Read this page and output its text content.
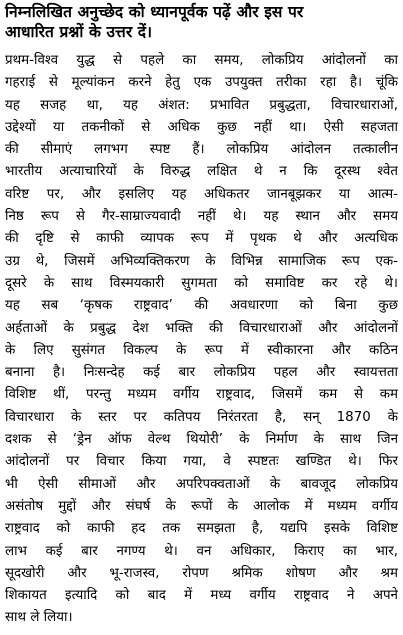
निम्नलिखित अनुच्छेद को ध्यानपूर्वक पढ़ें और इस पर
आधारित प्रश्नों के उत्तर दें।
प्रथम-विश्व युद्ध से पहले का समय, लोकप्रिय आंदोलनों का
गहराई से मूल्यांकन करने हेतु एक उपयुक्त तरीका रहा है। चूंकि
यह सजह था, यह अंशत: प्रभावित प्रबुद्धता, विचारधाराओं,
उद्देश्यों या तकनीकों से अधिक कुछ नहीं था। ऐसी सहजता
की सीमाएं लगभग स्पष्ट हैं। लोकप्रिय आंदोलन तत्कालीन
भारतीय अत्याचारियों के विरुद्ध लक्षित थे न कि दूरस्थ श्वेत
वरिष्ट पर, और इसलिए यह अधिकतर जानबूझकर या आत्म-
निष्ठ रूप से गैर-साम्राज्यवादी नहीं थे। यह स्थान और समय
की दृष्टि से काफी व्यापक रूप में पृथक थे और अत्यधिक
उग्र थे, जिसमें अभिव्यक्तिकरण के विभिन्न सामाजिक रूप एक-
दूसरे के साथ विस्मयकारी सुगमता को समाविष्ट कर रहे थे।
यह सब ‘कृषक राष्ट्रवाद’ की अवधारणा को बिना कुछ
अर्हताओं के प्रबुद्ध देश भक्ति की विचारधाराओं और आंदोलनों
के लिए सुसंगत विकल्प के रूप में स्वीकारना और कठिन
बनाना है। निःसन्देह कई बार लोकप्रिय पहल और स्वायत्तता
विशिष्ट थीं, परन्तु मध्यम वर्गीय राष्ट्रवाद, जिसमें कम से कम
विचारधारा के स्तर पर कतिपय निरंतरता है, सन् 1870 के
दशक से ‘ड्रेन ऑफ वेल्थ थियोरी’ के निर्माण के साथ जिन
आंदोलनों पर विचार किया गया, वे स्पष्टतः खण्डित थे। फिर
भी ऐसी सीमाओं और अपरिपक्वताओं के बावजूद लोकप्रिय
असंतोष मुद्दों और संघर्ष के रूपों के आलोक में मध्यम वर्गीय
राष्ट्रवाद को काफी हद तक समझता है, यद्यपि इसके विशिष्ट
लाभ कई बार नगण्य थे। वन अधिकार, किराए का भार,
सूदखोरी और भू-राजस्व, रोपण श्रमिक शोषण और श्रम
शिकायत इत्यादि को बाद में मध्य वर्गीय राष्ट्रवाद ने अपने
साथ ले लिया।
